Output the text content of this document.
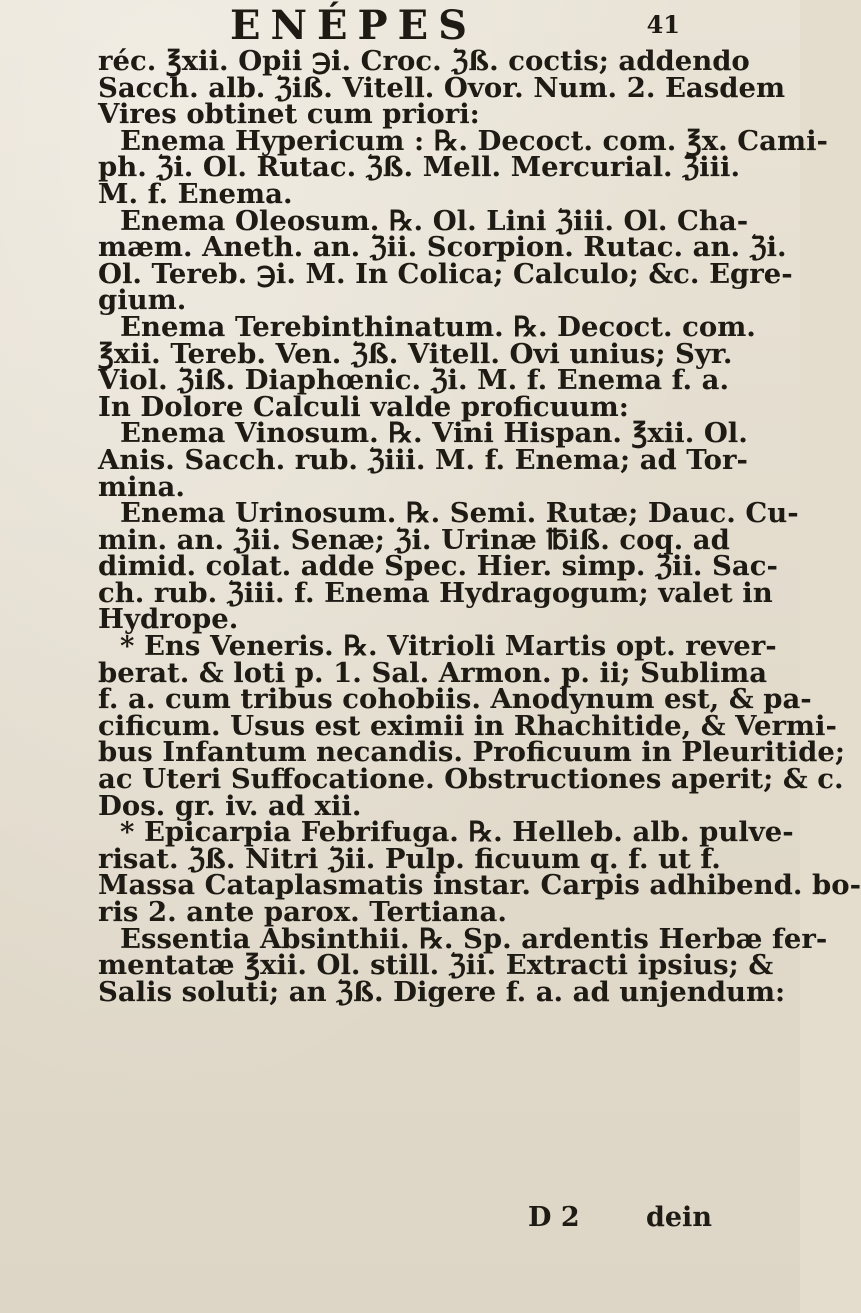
ENÉPES	41
réc. ℥xii. Opii ℈i. Croc. ℨß. coctis; addendo
Sacch. alb. ℨiß. Vitell. Ovor. Num. 2. Easdem
Vires obtinet cum priori:
Enema Hypericum : ℞. Decoct. com. ℥x. Cami-
ph. ℨi. Ol. Rutac. ℨß. Mell. Mercurial. ℨiii.
M. f. Enema.
Enema Oleosum. ℞. Ol. Lini ℨiii. Ol. Cha-
mæm. Aneth. an. ℨii. Scorpion. Rutac. an. ℨi.
Ol. Tereb. ℈i. M. In Colica; Calculo; &c. Egre-
gium.
Enema Terebinthinatum. ℞. Decoct. com.
℥xii. Tereb. Ven. ℨß. Vitell. Ovi unius; Syr.
Viol. ℨiß. Diaphœnic. ℨi. M. f. Enema f. a.
In Dolore Calculi valde proficuum:
Enema Vinosum. ℞. Vini Hispan. ℥xii. Ol.
Anis. Sacch. rub. ℨiii. M. f. Enema; ad Tor-
mina.
Enema Urinosum. ℞. Semi. Rutæ; Dauc. Cu-
min. an. ℨii. Senæ; ℨi. Urinæ ℔iß. coq. ad
dimid. colat. adde Spec. Hier. simp. ℨii. Sac-
ch. rub. ℨiii. f. Enema Hydragogum; valet in
Hydrope.
* Ens Veneris. ℞. Vitrioli Martis opt. rever-
berat. & loti p. 1. Sal. Armon. p. ii; Sublima
f. a. cum tribus cohobiis. Anodynum est, & pa-
cificum. Usus est eximii in Rhachitide, & Vermi-
bus Infantum necandis. Proficuum in Pleuritide;
ac Uteri Suffocatione. Obstructiones aperit; & c.
Dos. gr. iv. ad xii.
* Epicarpia Febrifuga. ℞. Helleb. alb. pulve-
risat. ℨß. Nitri ℨii. Pulp. ficuum q. f. ut f.
Massa Cataplasmatis instar. Carpis adhibend. bo-
ris 2. ante parox. Tertiana.
Essentia Absinthii. ℞. Sp. ardentis Herbæ fer-
mentatæ ℥xii. Ol. still. ℨii. Extracti ipsius; &
Salis soluti; an ℨß. Digere f. a. ad unjendum:
D 2 dein
